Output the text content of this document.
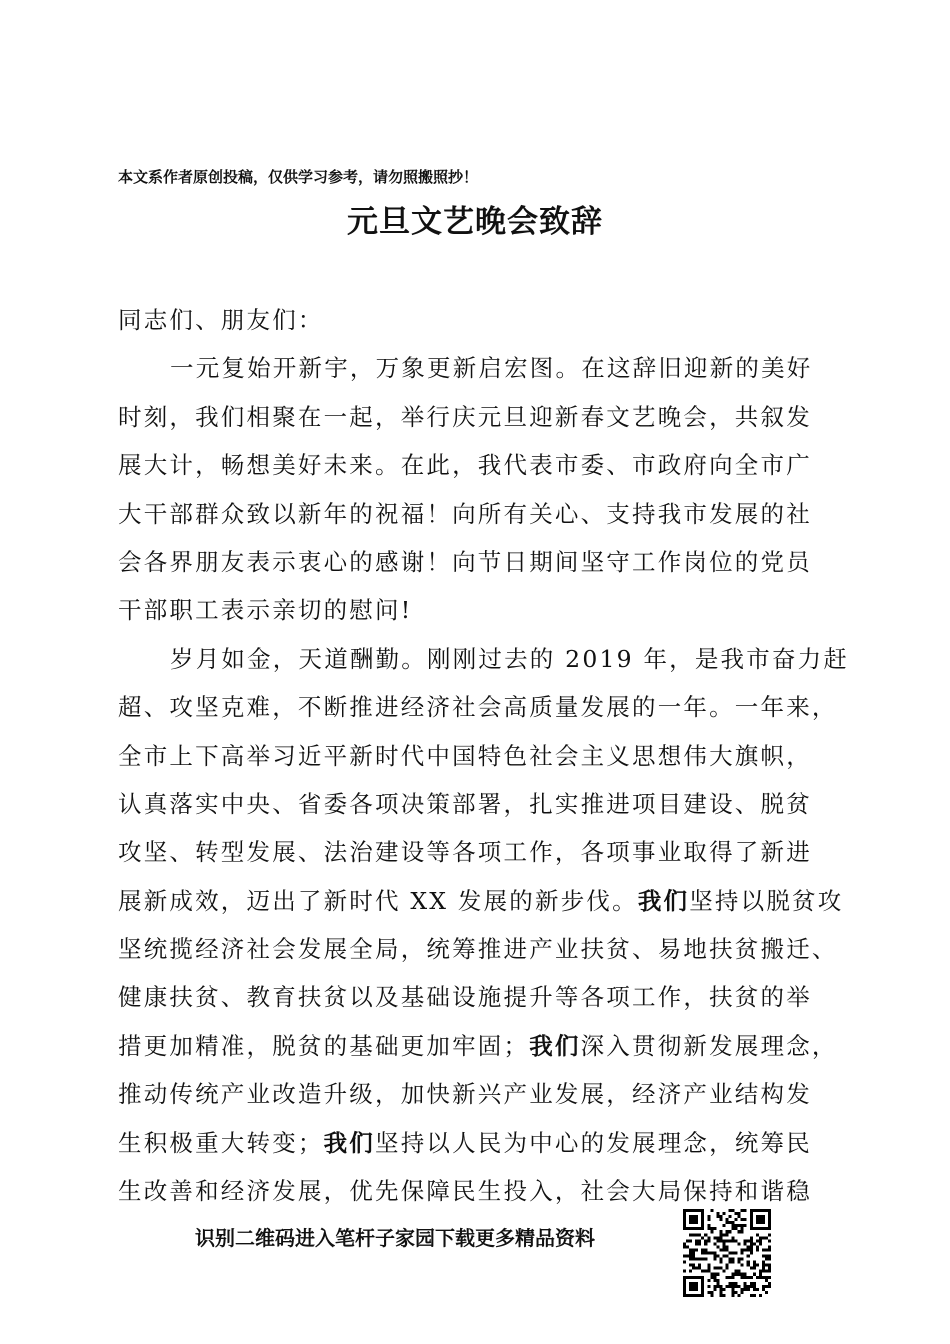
本文系作者原创投稿，仅供学习参考，请勿照搬照抄！
元旦文艺晚会致辞
同志们、朋友们：
一元复始开新宇，万象更新启宏图。在这辞旧迎新的美好
时刻，我们相聚在一起，举行庆元旦迎新春文艺晚会，共叙发
展大计，畅想美好未来。在此，我代表市委、市政府向全市广
大干部群众致以新年的祝福！向所有关心、支持我市发展的社
会各界朋友表示衷心的感谢！向节日期间坚守工作岗位的党员
干部职工表示亲切的慰问!
岁月如金，天道酬勤。刚刚过去的 2019 年，是我市奋力赶
超、攻坚克难，不断推进经济社会高质量发展的一年。一年来，
全市上下高举习近平新时代中国特色社会主义思想伟大旗帜，
认真落实中央、省委各项决策部署，扎实推进项目建设、脱贫
攻坚、转型发展、法治建设等各项工作，各项事业取得了新进
展新成效，迈出了新时代 XX 发展的新步伐。我们坚持以脱贫攻
坚统揽经济社会发展全局，统筹推进产业扶贫、易地扶贫搬迁、
健康扶贫、教育扶贫以及基础设施提升等各项工作，扶贫的举
措更加精准，脱贫的基础更加牢固；我们深入贯彻新发展理念，
推动传统产业改造升级，加快新兴产业发展，经济产业结构发
生积极重大转变；我们坚持以人民为中心的发展理念，统筹民
生改善和经济发展，优先保障民生投入，社会大局保持和谐稳
识别二维码进入笔杆子家园下载更多精品资料
